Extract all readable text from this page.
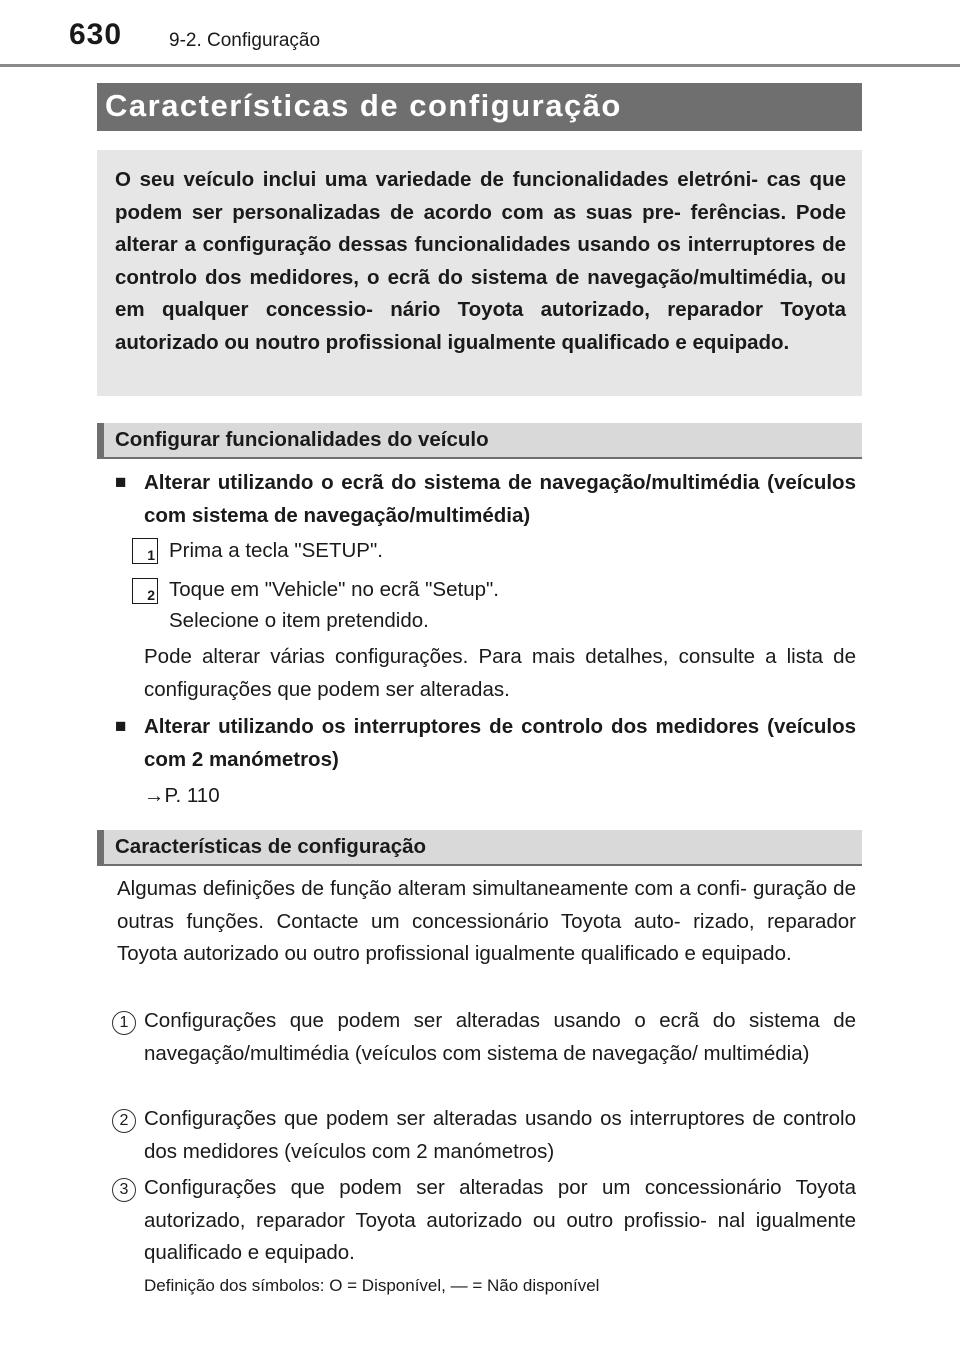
630 9-2. Configuração
Características de configuração

O seu veículo inclui uma variedade de funcionalidades eletróni- cas que podem ser personalizadas de acordo com as suas pre- ferências. Pode alterar a configuração dessas funcionalidades usando os interruptores de controlo dos medidores, o ecrã do sistema de navegação/multimédia, ou em qualquer concessio- nário Toyota autorizado, reparador Toyota autorizado ou noutro profissional igualmente qualificado e equipado.

Configurar funcionalidades do veículo
■ Alterar utilizando o ecrã do sistema de navegação/multimédia (veículos com sistema de navegação/multimédia)

1 Prima a tecla "SETUP".

2 Toque em "Vehicle" no ecrã "Setup".

Selecione o item pretendido.

Pode alterar várias configurações. Para mais detalhes, consulte a lista de configurações que podem ser alteradas.

■ Alterar utilizando os interruptores de controlo dos medidores (veículos com 2 manómetros)

→P. 110

Características de configuração

Algumas definições de função alteram simultaneamente com a confi- guração de outras funções. Contacte um concessionário Toyota auto- rizado, reparador Toyota autorizado ou outro profissional igualmente qualificado e equipado.

1 Configurações que podem ser alteradas usando o ecrã do sistema de navegação/multimédia (veículos com sistema de navegação/ multimédia)

2 Configurações que podem ser alteradas usando os interruptores de controlo dos medidores (veículos com 2 manómetros)

3 Configurações que podem ser alteradas por um concessionário Toyota autorizado, reparador Toyota autorizado ou outro profissio- nal igualmente qualificado e equipado.

Definição dos símbolos: O = Disponível, — = Não disponível
